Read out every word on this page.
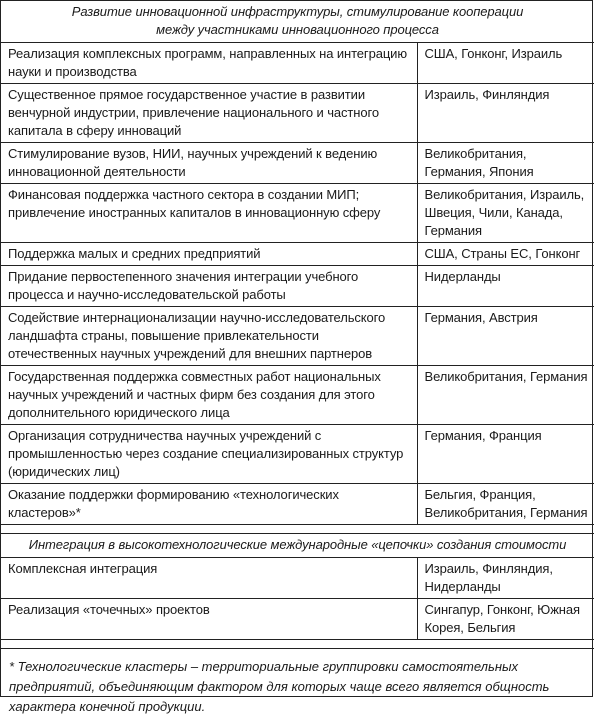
Развитие инновационной инфраструктуры, стимулирование кооперации между участниками инновационного процесса	
Реализация комплексных программ, направленных на интеграцию науки и производства	США, Гонконг, Израиль
Существенное прямое государственное участие в развитии венчурной индустрии, привлечение национального и частного капитала в сферу инноваций	Израиль, Финляндия
Стимулирование вузов, НИИ, научных учреждений к ведению инновационной деятельности	Великобритания, Германия, Япония
Финансовая поддержка частного сектора в создании МИП; привлечение иностранных капиталов в инновационную сферу	Великобритания, Израиль, Швеция, Чили, Канада, Германия
Поддержка малых и средних предприятий	США, Страны ЕС, Гонконг
Придание первостепенного значения интеграции учебного процесса и научно-исследовательской работы	Нидерланды
Содействие интернационализации научно-исследовательского ландшафта страны, повышение привлекательности отечественных научных учреждений для внешних партнеров	Германия, Австрия
Государственная поддержка совместных работ национальных научных учреждений и частных фирм без создания для этого дополнительного юридического лица	Великобритания, Германия
Организация сотрудничества научных учреждений с промышленностью через создание специализированных структур (юридических лиц)	Германия, Франция
Оказание поддержки формированию «технологических кластеров»*	Бельгия, Франция, Великобритания, Германия

Интеграция в высокотехнологические международные «цепочки» создания стоимости	
Комплексная интеграция	Израиль, Финляндия, Нидерланды
Реализация «точечных» проектов	Сингапур, Гонконг, Южная Корея, Бельгия

* Технологические кластеры – территориальные группировки самостоятельных предприятий, объединяющим фактором для которых чаще всего является общность характера конечной продукции.
